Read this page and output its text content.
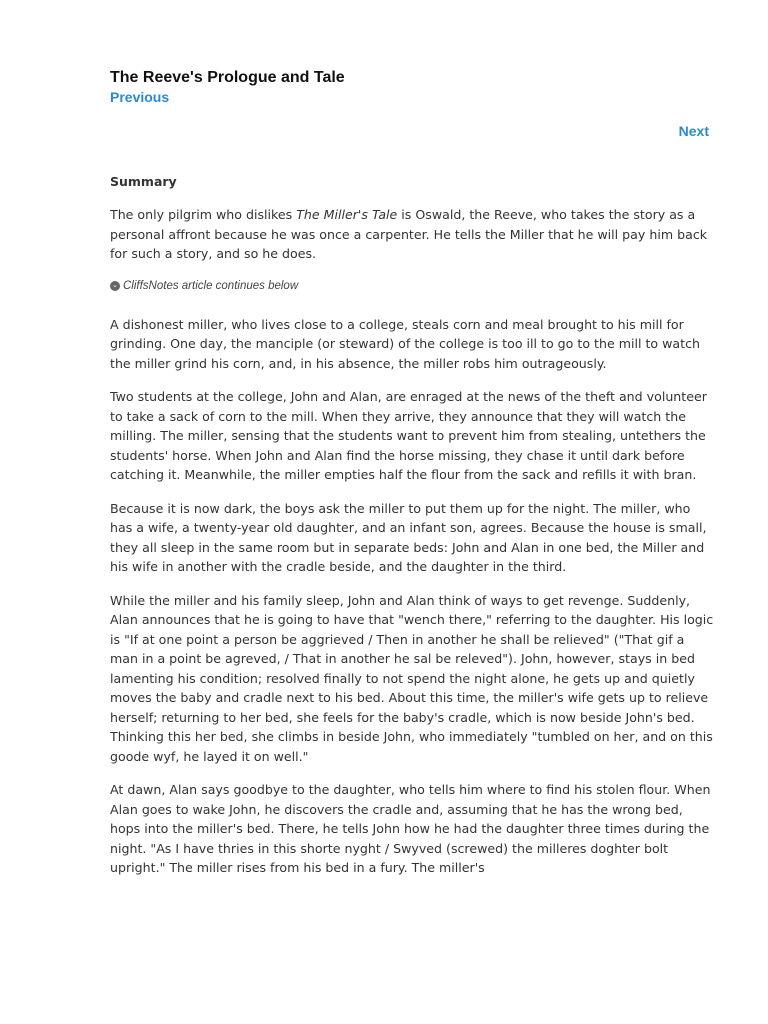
The Reeve's Prologue and Tale
Previous
Next
Summary

The only pilgrim who dislikes The Miller's Tale is Oswald, the Reeve, who takes the story as a personal affront because he was once a carpenter. He tells the Miller that he will pay him back for such a story, and so he does.

⌄ CliffsNotes article continues below

A dishonest miller, who lives close to a college, steals corn and meal brought to his mill for grinding. One day, the manciple (or steward) of the college is too ill to go to the mill to watch the miller grind his corn, and, in his absence, the miller robs him outrageously.

Two students at the college, John and Alan, are enraged at the news of the theft and volunteer to take a sack of corn to the mill. When they arrive, they announce that they will watch the milling. The miller, sensing that the students want to prevent him from stealing, untethers the students' horse. When John and Alan find the horse missing, they chase it until dark before catching it. Meanwhile, the miller empties half the flour from the sack and refills it with bran.

Because it is now dark, the boys ask the miller to put them up for the night. The miller, who has a wife, a twenty-year old daughter, and an infant son, agrees. Because the house is small, they all sleep in the same room but in separate beds: John and Alan in one bed, the Miller and his wife in another with the cradle beside, and the daughter in the third.

While the miller and his family sleep, John and Alan think of ways to get revenge. Suddenly, Alan announces that he is going to have that "wench there," referring to the daughter. His logic is "If at one point a person be aggrieved / Then in another he shall be relieved" ("That gif a man in a point be agreved, / That in another he sal be releved"). John, however, stays in bed lamenting his condition; resolved finally to not spend the night alone, he gets up and quietly moves the baby and cradle next to his bed. About this time, the miller's wife gets up to relieve herself; returning to her bed, she feels for the baby's cradle, which is now beside John's bed. Thinking this her bed, she climbs in beside John, who immediately "tumbled on her, and on this goode wyf, he layed it on well."

At dawn, Alan says goodbye to the daughter, who tells him where to find his stolen flour. When Alan goes to wake John, he discovers the cradle and, assuming that he has the wrong bed, hops into the miller's bed. There, he tells John how he had the daughter three times during the night. "As I have thries in this shorte nyght / Swyved (screwed) the milleres doghter bolt upright." The miller rises from his bed in a fury. The miller's
